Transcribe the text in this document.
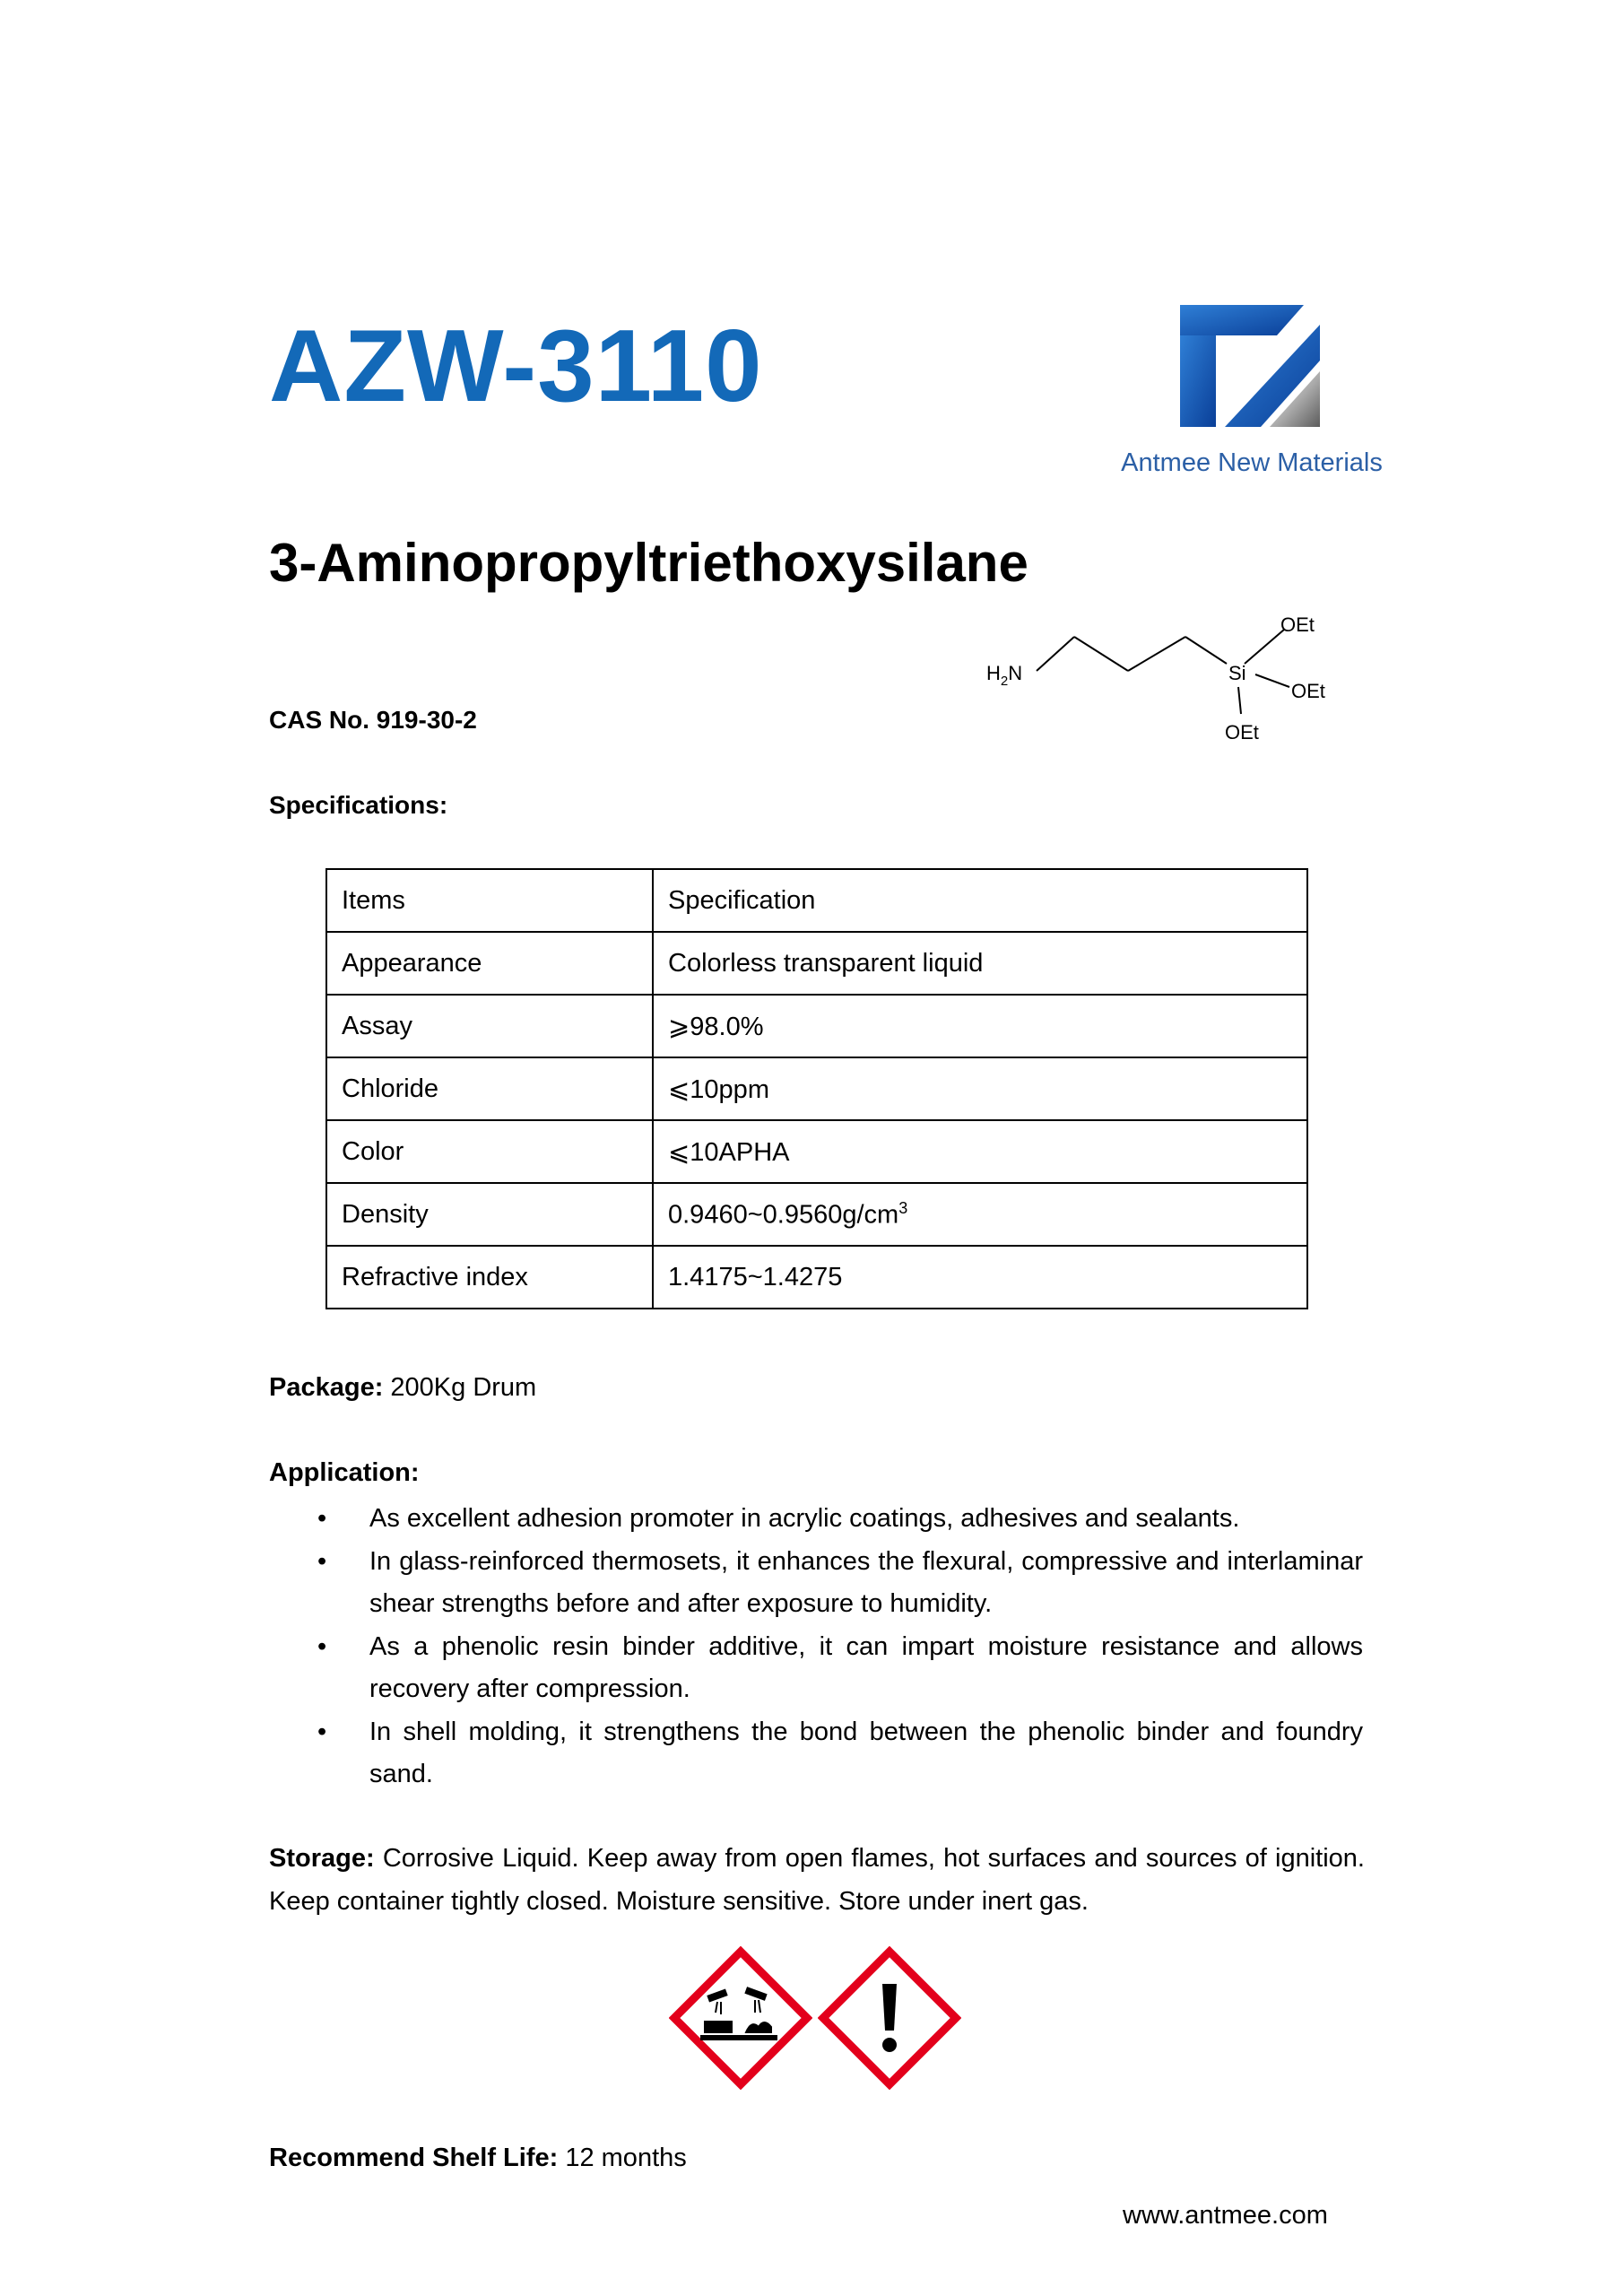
AZW-3110
Antmee New Materials
3-Aminopropyltriethoxysilane
$H_2N$	Si
OEt
OEt
OEt
CAS No. 919-30-2
Specifications:
Items	Specification
Appearance	Colorless transparent liquid
Assay	⩾98.0%
Chloride	⩽10ppm
Color	⩽10APHA
Density	$0.9460\sim 0.9560g/cm^3$
Refractive index	1.4175~1.4275
Package: 200Kg Drum
Application:
• As excellent adhesion promoter in acrylic coatings, adhesives and sealants.
• In glass-reinforced thermosets, it enhances the flexural, compressive and interlaminar shear strengths before and after exposure to humidity.
• As a phenolic resin binder additive, it can impart moisture resistance and allows recovery after compression.
• In shell molding, it strengthens the bond between the phenolic binder and foundry sand.
Storage: Corrosive Liquid. Keep away from open flames, hot surfaces and sources of ignition. Keep container tightly closed. Moisture sensitive. Store under inert gas.
Recommend Shelf Life: 12 months
www.antmee.com
